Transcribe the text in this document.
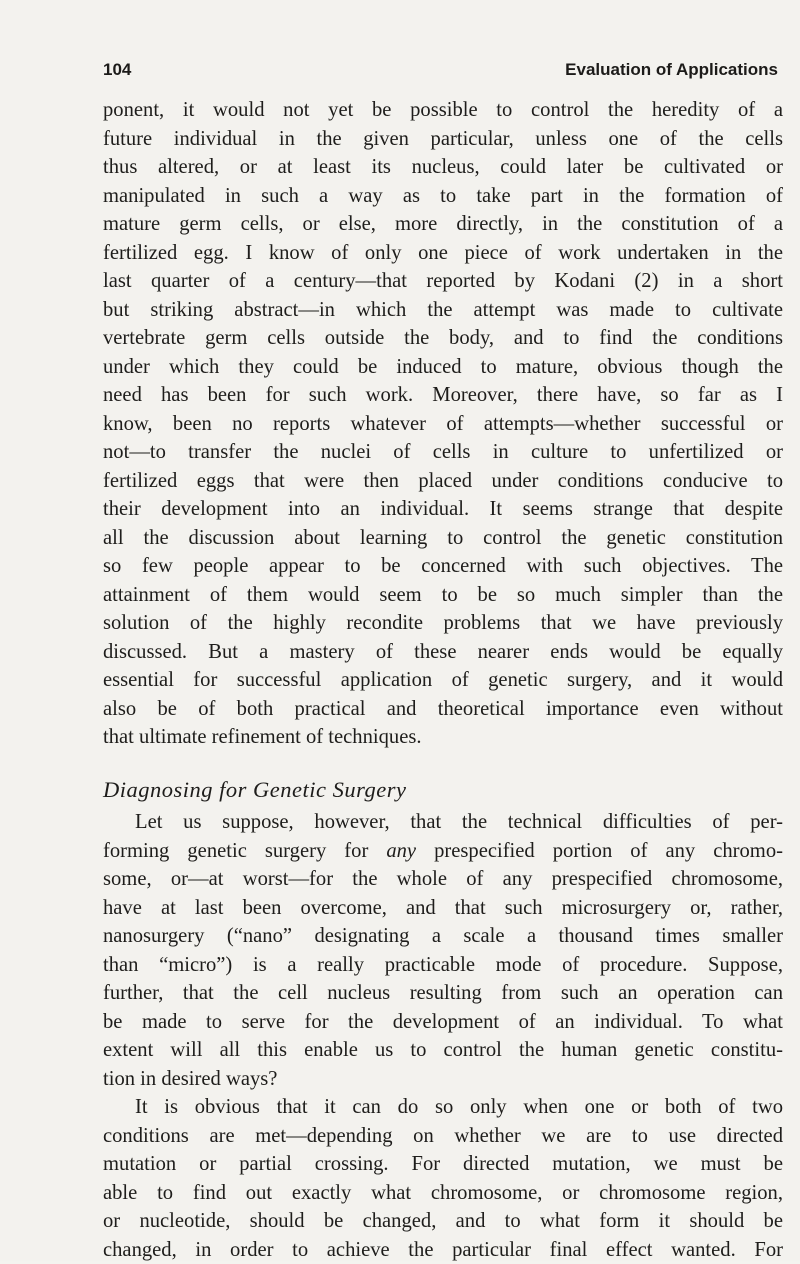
104	Evaluation of Applications
ponent, it would not yet be possible to control the heredity of a
future individual in the given particular, unless one of the cells
thus altered, or at least its nucleus, could later be cultivated or
manipulated in such a way as to take part in the formation of
mature germ cells, or else, more directly, in the constitution of a
fertilized egg. I know of only one piece of work undertaken in the
last quarter of a century—that reported by Kodani (2) in a short
but striking abstract—in which the attempt was made to cultivate
vertebrate germ cells outside the body, and to find the conditions
under which they could be induced to mature, obvious though the
need has been for such work. Moreover, there have, so far as I
know, been no reports whatever of attempts—whether successful or
not—to transfer the nuclei of cells in culture to unfertilized or
fertilized eggs that were then placed under conditions conducive to
their development into an individual. It seems strange that despite
all the discussion about learning to control the genetic constitution
so few people appear to be concerned with such objectives. The
attainment of them would seem to be so much simpler than the
solution of the highly recondite problems that we have previously
discussed. But a mastery of these nearer ends would be equally
essential for successful application of genetic surgery, and it would
also be of both practical and theoretical importance even without
that ultimate refinement of techniques.
Diagnosing for Genetic Surgery
Let us suppose, however, that the technical difficulties of per-
forming genetic surgery for any prespecified portion of any chromo-
some, or—at worst—for the whole of any prespecified chromosome,
have at last been overcome, and that such microsurgery or, rather,
nanosurgery (“nano” designating a scale a thousand times smaller
than “micro”) is a really practicable mode of procedure. Suppose,
further, that the cell nucleus resulting from such an operation can
be made to serve for the development of an individual. To what
extent will all this enable us to control the human genetic constitu-
tion in desired ways?
It is obvious that it can do so only when one or both of two
conditions are met—depending on whether we are to use directed
mutation or partial crossing. For directed mutation, we must be
able to find out exactly what chromosome, or chromosome region,
or nucleotide, should be changed, and to what form it should be
changed, in order to achieve the particular final effect wanted. For
